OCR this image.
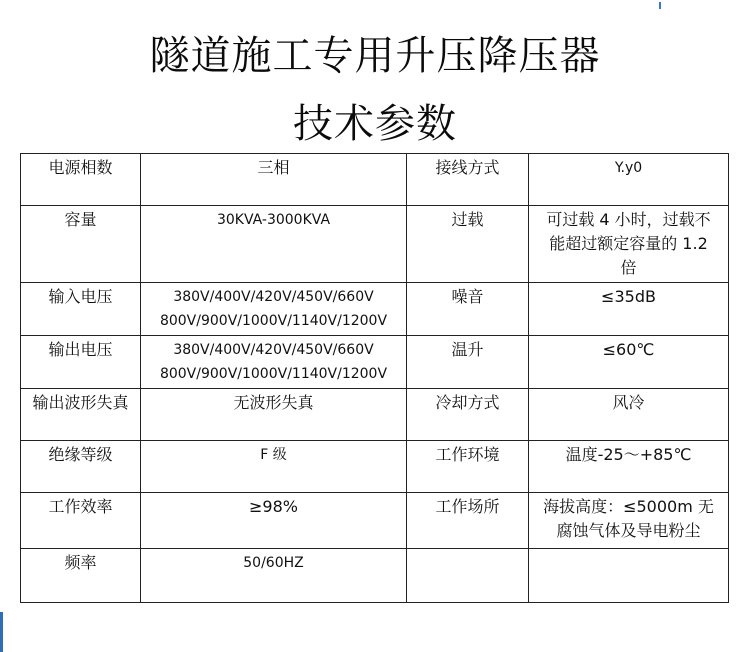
隧道施工专用升压降压器
技术参数
电源相数	三相	接线方式	Y.y0

容量	30KVA-3000KVA	过载	可过载 4 小时，过载不
能超过额定容量的 1.2
倍

输入电压	380V/400V/420V/450V/660V
800V/900V/1000V/1140V/1200V	噪音	≤35dB

输出电压	380V/400V/420V/450V/660V
800V/900V/1000V/1140V/1200V	温升	≤60℃

输出波形失真	无波形失真	冷却方式	风冷

绝缘等级	F 级	工作环境	温度-25～+85℃

工作效率	≥98%	工作场所	海拔高度：≤5000m 无
腐蚀气体及导电粉尘

频率	50/60HZ		
